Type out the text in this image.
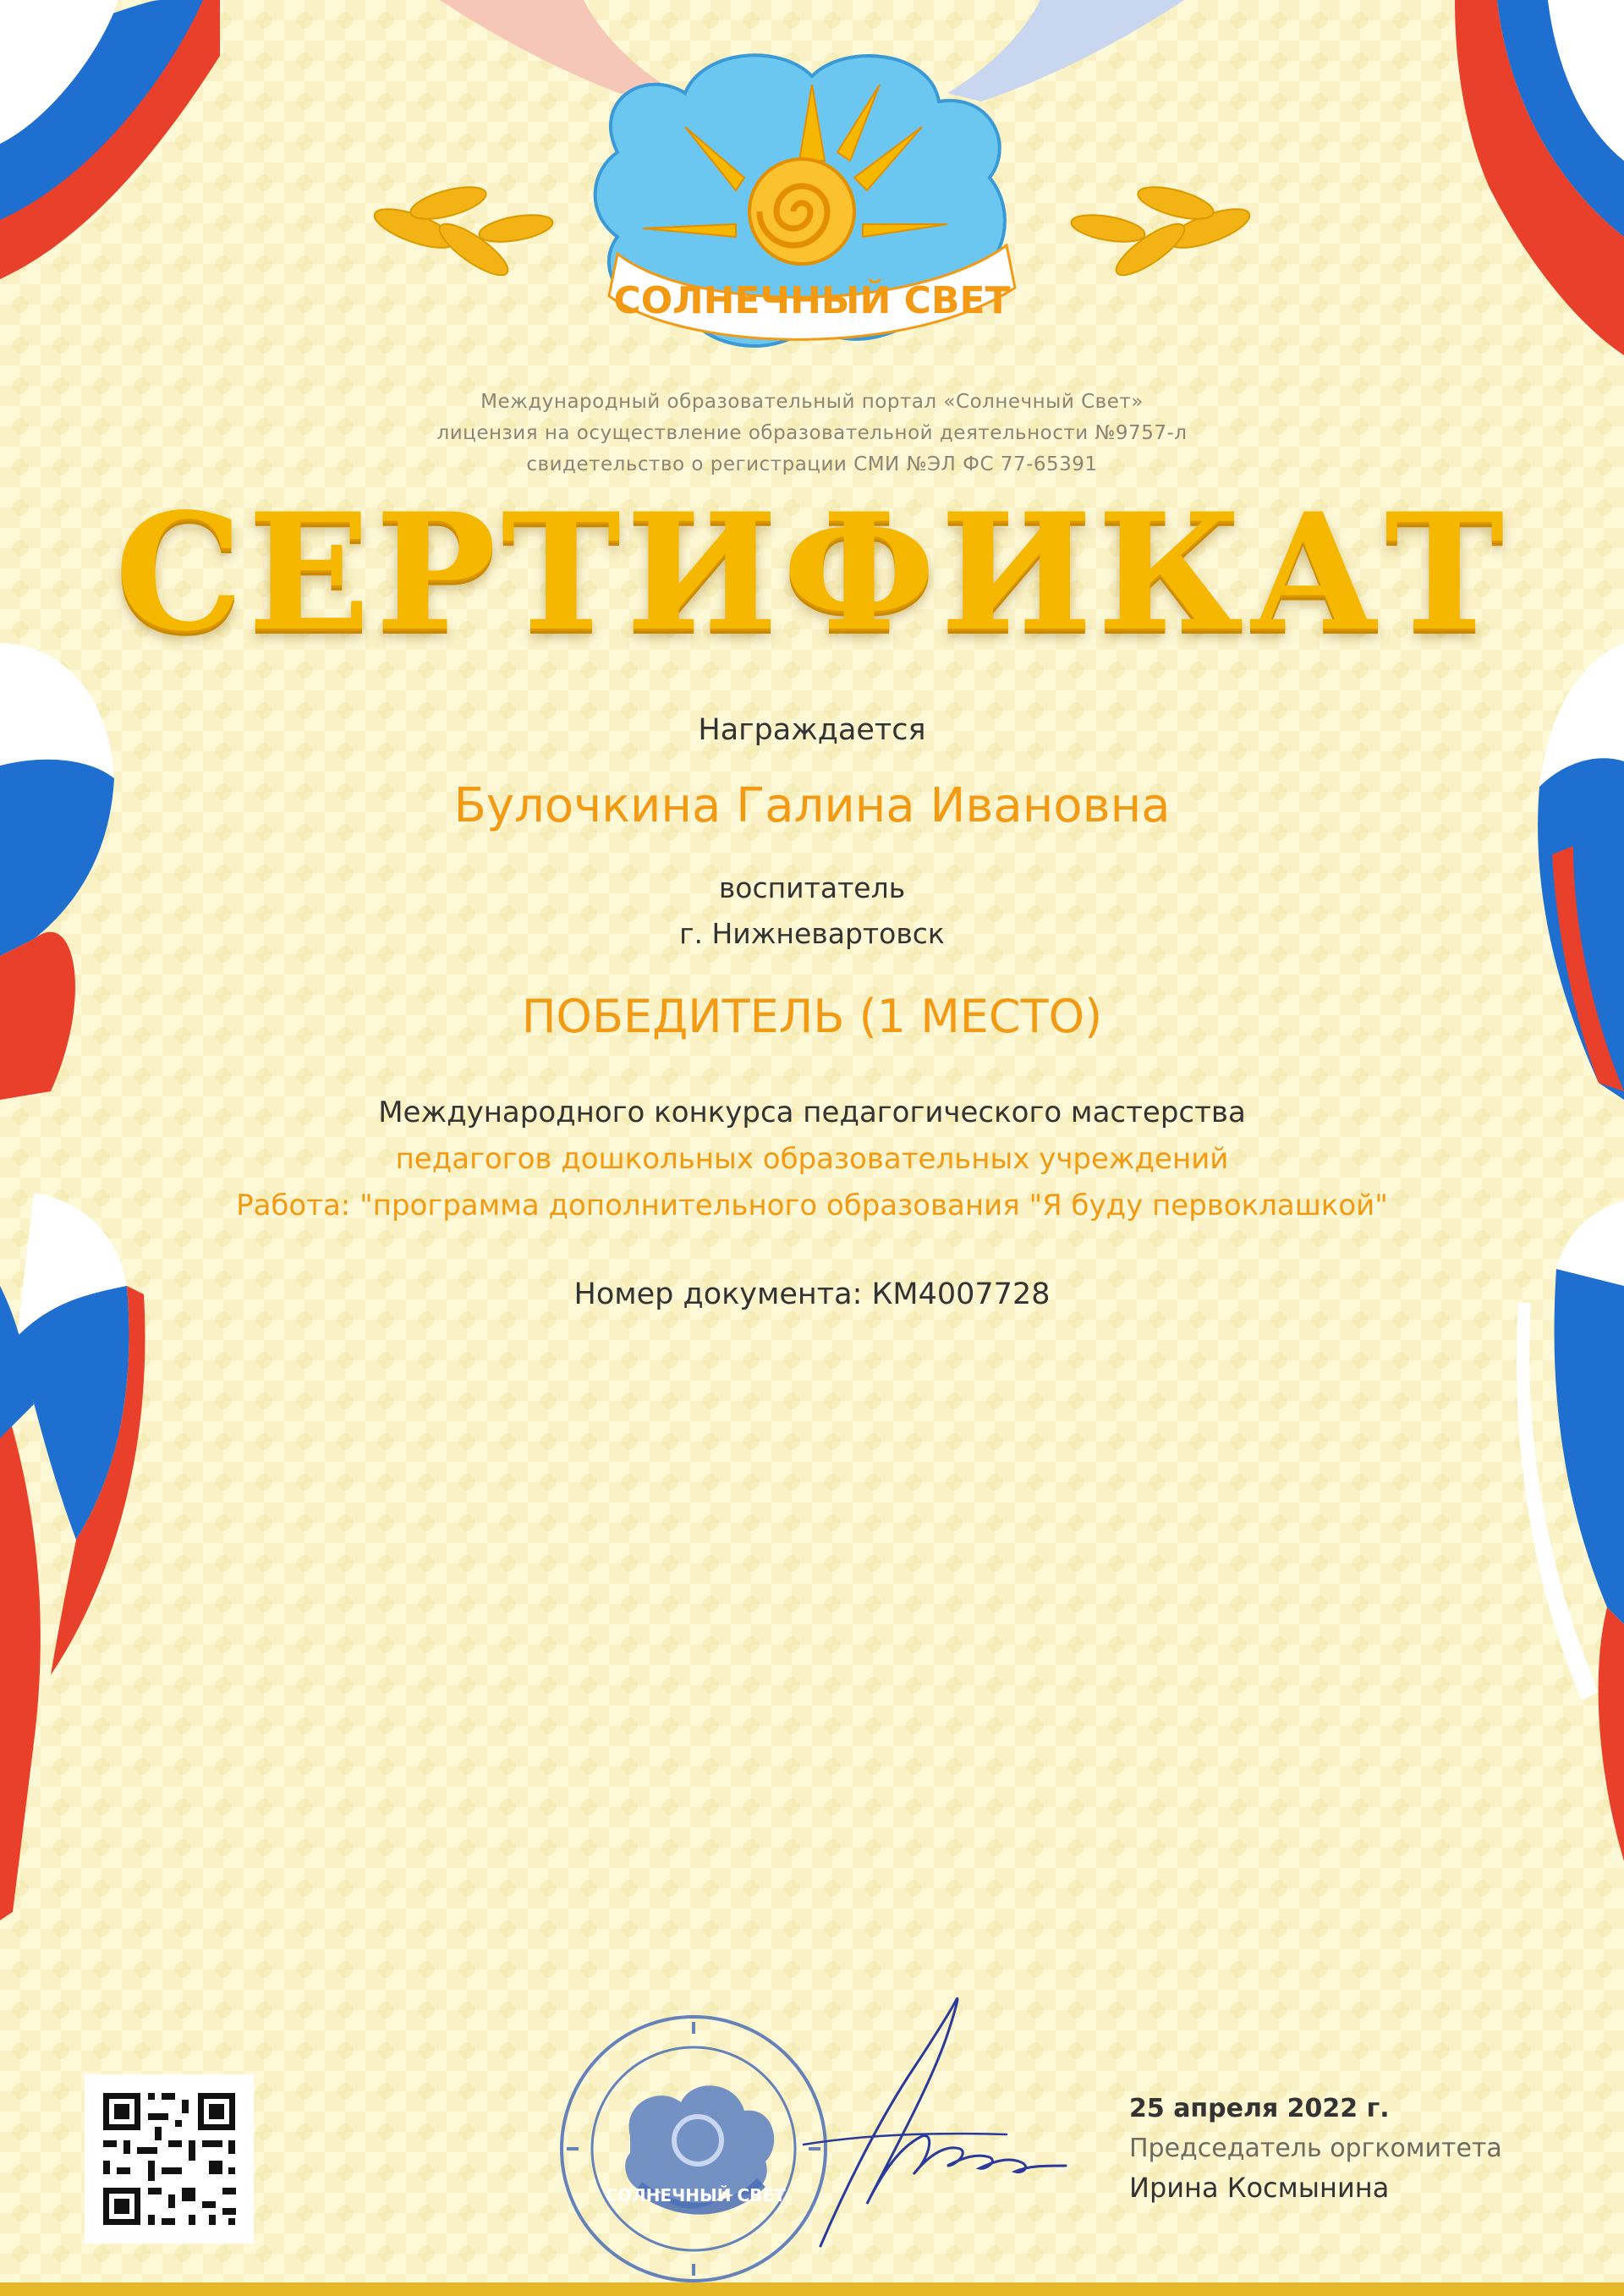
СОЛНЕЧНЫЙ СВЕТ
Международный образовательный портал «Солнечный Свет»
лицензия на осуществление образовательной деятельности №9757-л
свидетельство о регистрации СМИ №ЭЛ ФС 77-65391
СЕРТИФИКАТ
Награждается
Булочкина Галина Ивановна
воспитатель
г. Нижневартовск
ПОБЕДИТЕЛЬ (1 МЕСТО)
Международного конкурса педагогического мастерства
педагогов дошкольных образовательных учреждений
Работа: "программа дополнительного образования "Я буду первоклашкой"
Номер документа: КМ4007728
СОЛНЕЧНЫЙ СВЕТ
25 апреля 2022 г.
Председатель оргкомитета
Ирина Космынина
